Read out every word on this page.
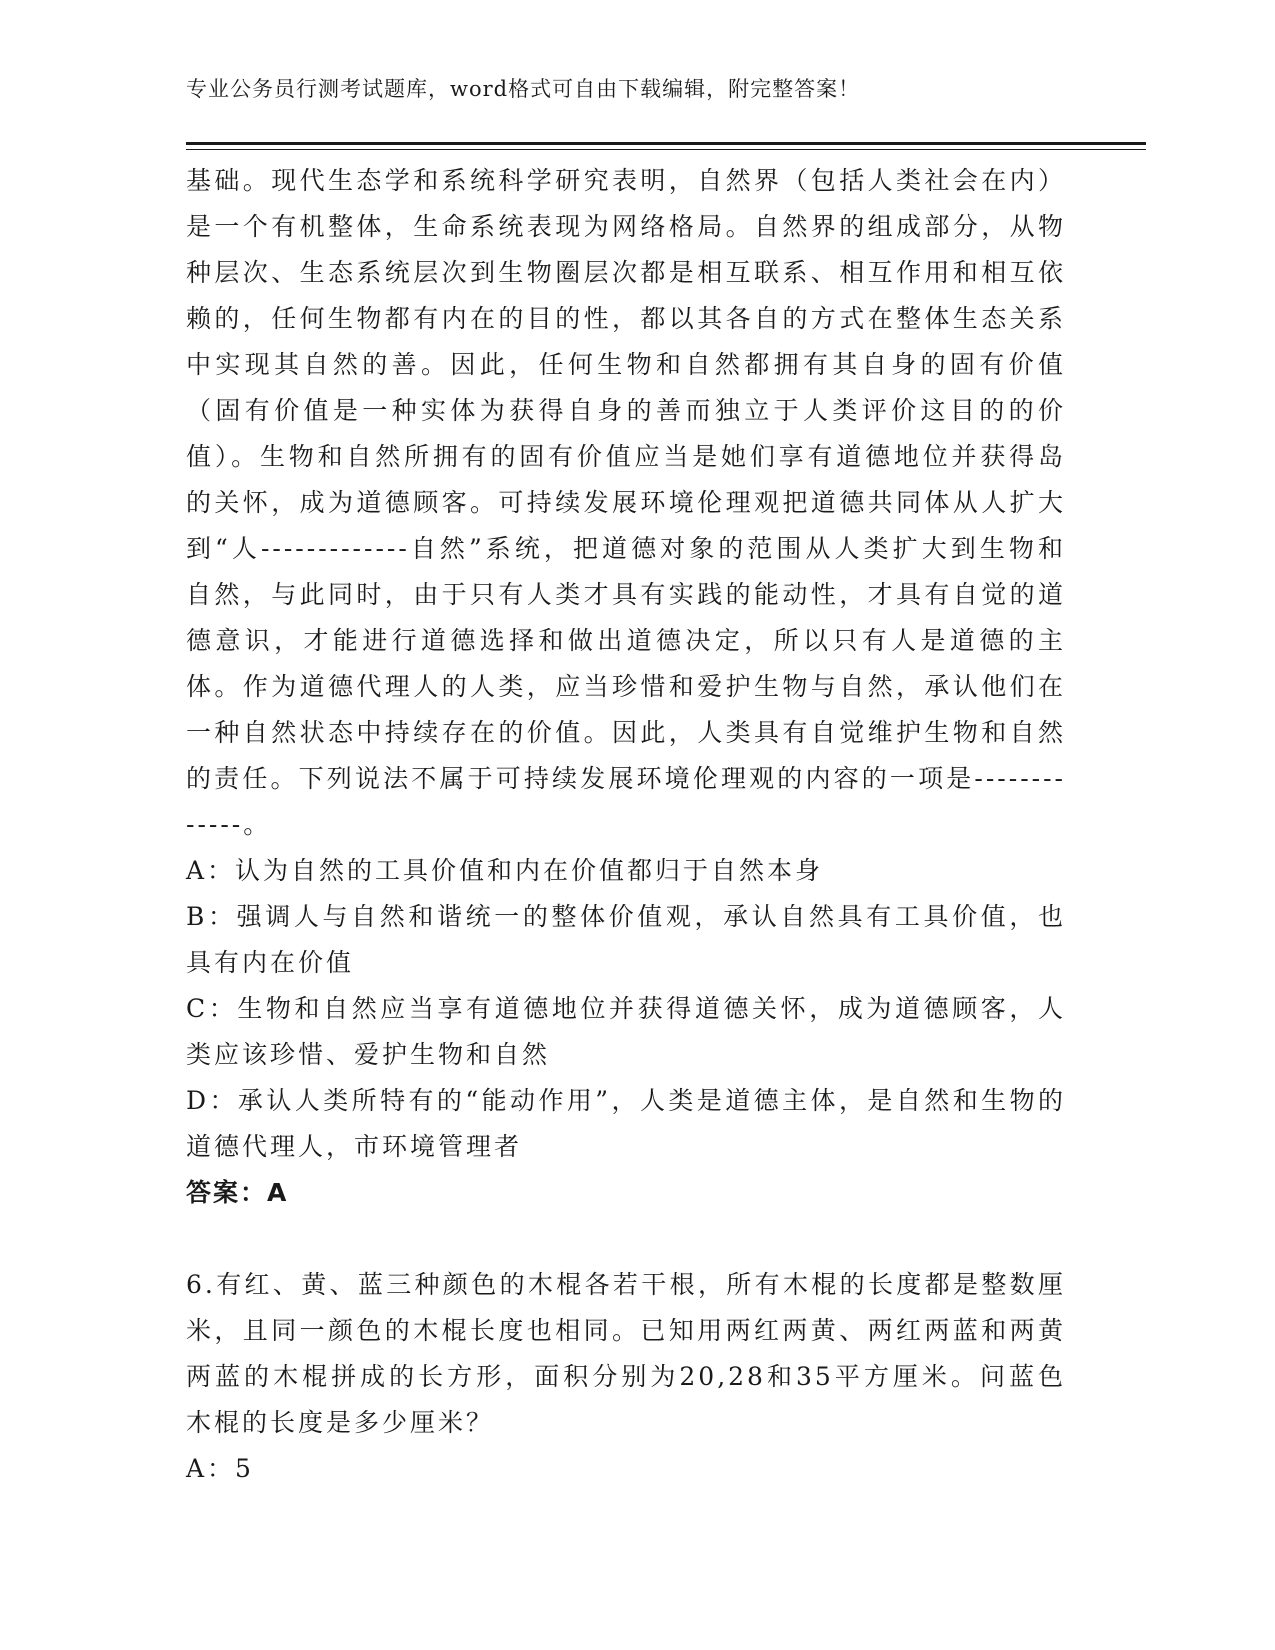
专业公务员行测考试题库，word格式可自由下载编辑，附完整答案！

基础。现代生态学和系统科学研究表明，自然界（包括人类社会在内）是一个有机整体，生命系统表现为网络格局。自然界的组成部分，从物种层次、生态系统层次到生物圈层次都是相互联系、相互作用和相互依赖的，任何生物都有内在的目的性，都以其各自的方式在整体生态关系中实现其自然的善。因此，任何生物和自然都拥有其自身的固有价值（固有价值是一种实体为获得自身的善而独立于人类评价这目的的价值）。生物和自然所拥有的固有价值应当是她们享有道德地位并获得岛的关怀，成为道德顾客。可持续发展环境伦理观把道德共同体从人扩大到“人-------------自然”系统，把道德对象的范围从人类扩大到生物和自然，与此同时，由于只有人类才具有实践的能动性，才具有自觉的道德意识，才能进行道德选择和做出道德决定，所以只有人是道德的主体。作为道德代理人的人类，应当珍惜和爱护生物与自然，承认他们在一种自然状态中持续存在的价值。因此，人类具有自觉维护生物和自然的责任。下列说法不属于可持续发展环境伦理观的内容的一项是-------------。

A：认为自然的工具价值和内在价值都归于自然本身

B：强调人与自然和谐统一的整体价值观，承认自然具有工具价值，也具有内在价值

C：生物和自然应当享有道德地位并获得道德关怀，成为道德顾客，人类应该珍惜、爱护生物和自然

D：承认人类所特有的“能动作用”，人类是道德主体，是自然和生物的道德代理人，市环境管理者

答案：A

6.有红、黄、蓝三种颜色的木棍各若干根，所有木棍的长度都是整数厘米，且同一颜色的木棍长度也相同。已知用两红两黄、两红两蓝和两黄两蓝的木棍拼成的长方形，面积分别为20,28和35平方厘米。问蓝色木棍的长度是多少厘米？

A：5
